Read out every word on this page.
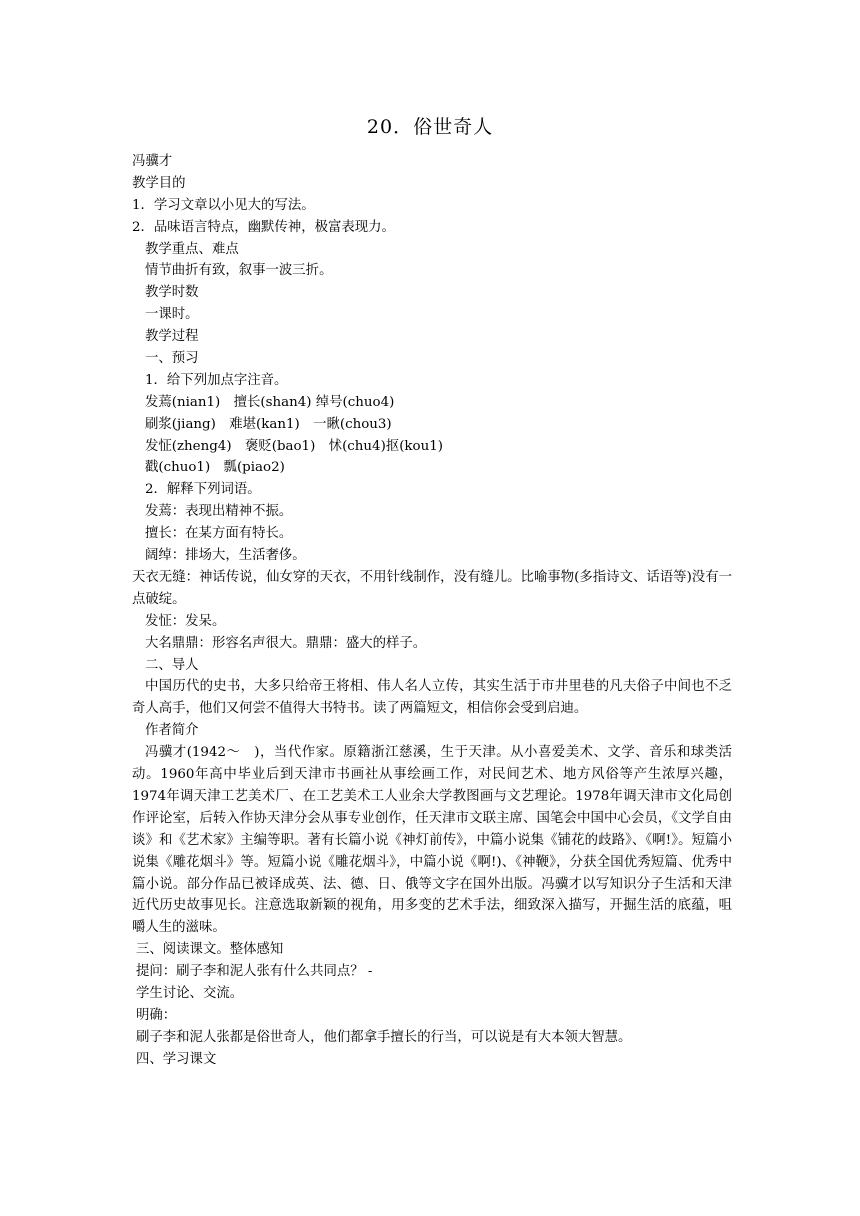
20．俗世奇人
冯骥才
教学目的
1．学习文章以小见大的写法。
2．品味语言特点，幽默传神，极富表现力。
教学重点、难点
情节曲折有致，叙事一波三折。
教学时数
一课时。
教学过程
一、预习
1．给下列加点字注音。
发蔫(nian1)　擅长(shan4) 绰号(chuo4)
刷浆(jiang)　难堪(kan1)　一瞅(chou3)
发怔(zheng4)　褒贬(bao1)　怵(chu4)抠(kou1)
戳(chuo1)　瓢(piao2)
2．解释下列词语。
发蔫：表现出精神不振。
擅长：在某方面有特长。
阔绰：排场大，生活奢侈。
天衣无缝：神话传说，仙女穿的天衣，不用针线制作，没有缝儿。比喻事物(多指诗文、话语等)没有一点破绽。
发怔：发呆。
大名鼎鼎：形容名声很大。鼎鼎：盛大的样子。
二、导人
中国历代的史书，大多只给帝王将相、伟人名人立传，其实生活于市井里巷的凡夫俗子中间也不乏奇人高手，他们又何尝不值得大书特书。读了两篇短文，相信你会受到启迪。
作者简介
冯骥才(1942～　)，当代作家。原籍浙江慈溪，生于天津。从小喜爱美术、文学、音乐和球类活动。1960年高中毕业后到天津市书画社从事绘画工作，对民间艺术、地方风俗等产生浓厚兴趣，1974年调天津工艺美术厂、在工艺美术工人业余大学教图画与文艺理论。1978年调天津市文化局创作评论室，后转入作协天津分会从事专业创作，任天津市文联主席、国笔会中国中心会员，《文学自由谈》和《艺术家》主编等职。著有长篇小说《神灯前传》，中篇小说集《铺花的歧路》、《啊!》。短篇小说集《雕花烟斗》等。短篇小说《雕花烟斗》，中篇小说《啊!)、《神鞭》，分获全国优秀短篇、优秀中篇小说。部分作品已被译成英、法、德、日、俄等文字在国外出版。冯骥才以写知识分子生活和天津近代历史故事见长。注意选取新颖的视角，用多变的艺术手法，细致深入描写，开掘生活的底蕴，咀嚼人生的滋味。
三、阅读课文。整体感知
提问：刷子李和泥人张有什么共同点？ -
学生讨论、交流。
明确：
刷子李和泥人张都是俗世奇人，他们都拿手擅长的行当，可以说是有大本领大智慧。
四、学习课文
